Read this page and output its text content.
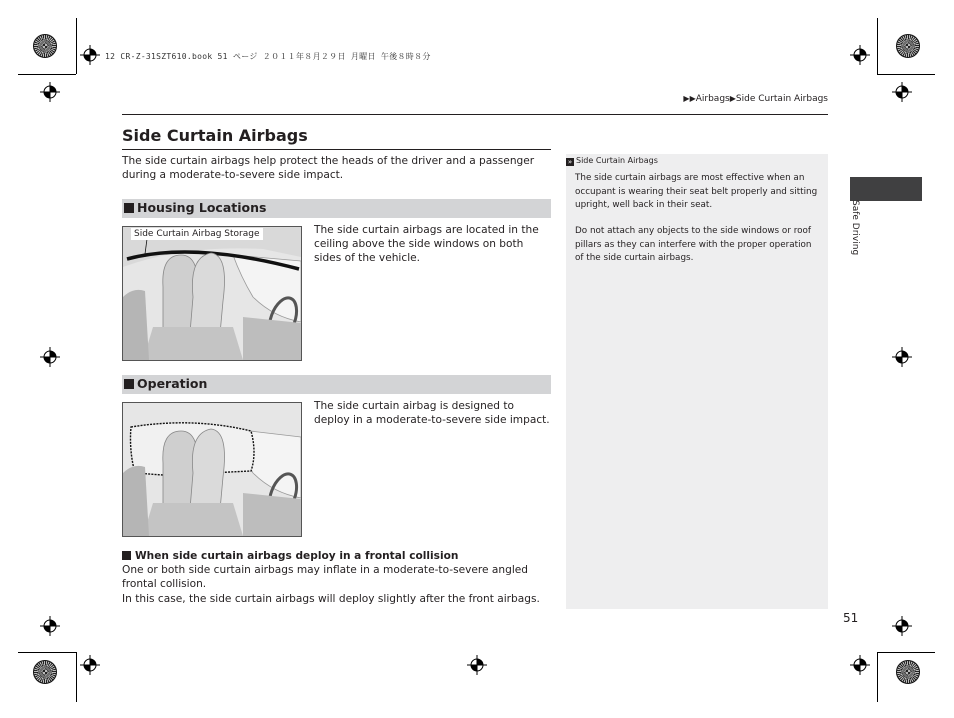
12 CR-Z-31SZT610.book 51 ページ ２０１１年８月２９日 月曜日 午後８時８分
▶▶Airbags▶Side Curtain Airbags
Side Curtain Airbags

The side curtain airbags help protect the heads of the driver and a passenger during a moderate-to-severe side impact.

Housing Locations
Side Curtain Airbag Storage	The side curtain airbags are located in the ceiling above the side windows on both sides of the vehicle.

Operation

The side curtain airbag is designed to deploy in a moderate-to-severe side impact.

When side curtain airbags deploy in a frontal collision

One or both side curtain airbags may inflate in a moderate-to-severe angled frontal collision.

In this case, the side curtain airbags will deploy slightly after the front airbags.

» Side Curtain Airbags

The side curtain airbags are most effective when an occupant is wearing their seat belt properly and sitting upright, well back in their seat.

Do not attach any objects to the side windows or roof pillars as they can interfere with the proper operation of the side curtain airbags.

Safe Driving
51
